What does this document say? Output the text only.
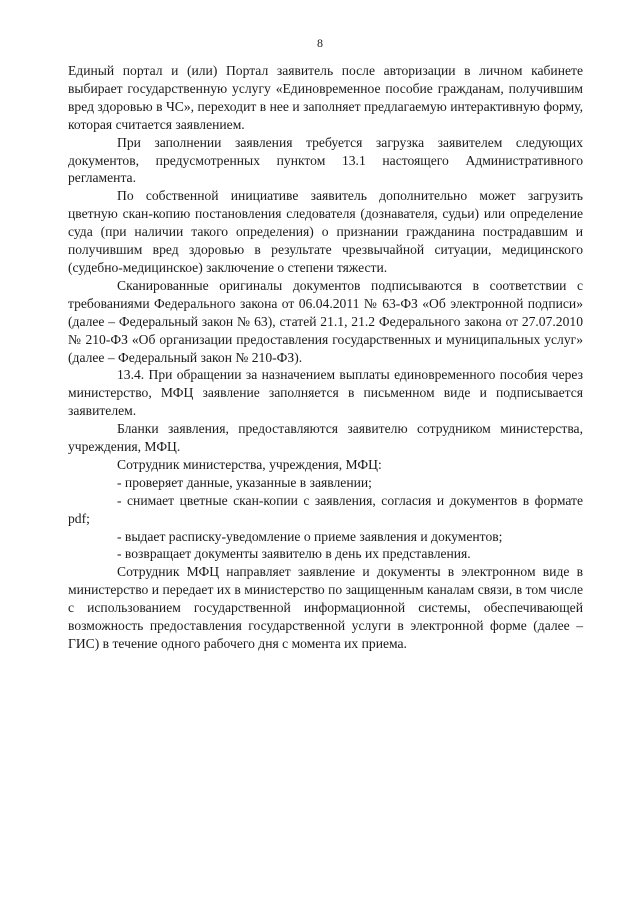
8

Единый портал и (или) Портал заявитель после авторизации в личном кабинете выбирает государственную услугу «Единовременное пособие гражданам, получившим вред здоровью в ЧС», переходит в нее и заполняет предлагаемую интерактивную форму, которая считается заявлением.

При заполнении заявления требуется загрузка заявителем следующих документов, предусмотренных пунктом 13.1 настоящего Административного регламента.

По собственной инициативе заявитель дополнительно может загрузить цветную скан-копию постановления следователя (дознавателя, судьи) или определение суда (при наличии такого определения) о признании гражданина пострадавшим и получившим вред здоровью в результате чрезвычайной ситуации, медицинского (судебно-медицинское) заключение о степени тяжести.

Сканированные оригиналы документов подписываются в соответствии с требованиями Федерального закона от 06.04.2011 № 63-ФЗ «Об электронной подписи» (далее – Федеральный закон № 63), статей 21.1, 21.2 Федерального закона от 27.07.2010 № 210-ФЗ «Об организации предоставления государственных и муниципальных услуг» (далее – Федеральный закон № 210-ФЗ).

13.4. При обращении за назначением выплаты единовременного пособия через министерство, МФЦ заявление заполняется в письменном виде и подписывается заявителем.

Бланки заявления, предоставляются заявителю сотрудником министерства, учреждения, МФЦ.

Сотрудник министерства, учреждения, МФЦ:

- проверяет данные, указанные в заявлении;

- снимает цветные скан-копии с заявления, согласия и документов в формате pdf;

- выдает расписку-уведомление о приеме заявления и документов;

- возвращает документы заявителю в день их представления.

Сотрудник МФЦ направляет заявление и документы в электронном виде в министерство и передает их в министерство по защищенным каналам связи, в том числе с использованием государственной информационной системы, обеспечивающей возможность предоставления государственной услуги в электронной форме (далее – ГИС) в течение одного рабочего дня с момента их приема.
